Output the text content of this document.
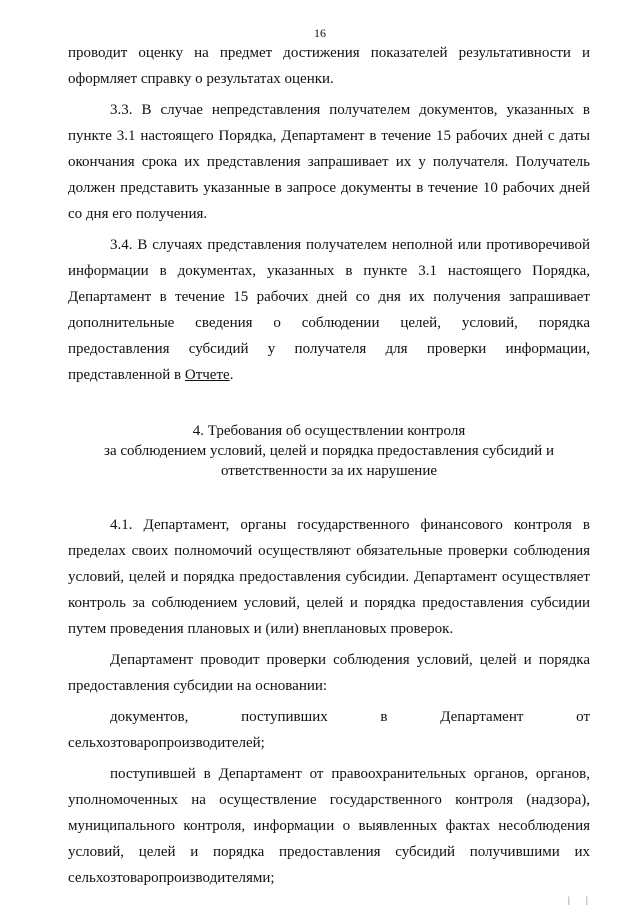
16

проводит оценку на предмет достижения показателей результативности и оформляет справку о результатах оценки.

3.3. В случае непредставления получателем документов, указанных в пункте 3.1 настоящего Порядка, Департамент в течение 15 рабочих дней с даты окончания срока их представления запрашивает их у получателя. Получатель должен представить указанные в запросе документы в течение 10 рабочих дней со дня его получения.

3.4. В случаях представления получателем неполной или противоречивой информации в документах, указанных в пункте 3.1 настоящего Порядка, Департамент в течение 15 рабочих дней со дня их получения запрашивает дополнительные сведения о соблюдении целей, условий, порядка предоставления субсидий у получателя для проверки информации, представленной в Отчете.

4. Требования об осуществлении контроля
за соблюдением условий, целей и порядка предоставления субсидий и ответственности за их нарушение

4.1. Департамент, органы государственного финансового контроля в пределах своих полномочий осуществляют обязательные проверки соблюдения условий, целей и порядка предоставления субсидии. Департамент осуществляет контроль за соблюдением условий, целей и порядка предоставления субсидии путем проведения плановых и (или) внеплановых проверок.

Департамент проводит проверки соблюдения условий, целей и порядка предоставления субсидии на основании:

документов, поступивших в Департамент от сельхозтоваропроизводителей;

поступившей в Департамент от правоохранительных органов, органов, уполномоченных на осуществление государственного контроля (надзора), муниципального контроля, информации о выявленных фактах несоблюдения условий, целей и порядка предоставления субсидий получившими их сельхозтоваропроизводителями;

| |
